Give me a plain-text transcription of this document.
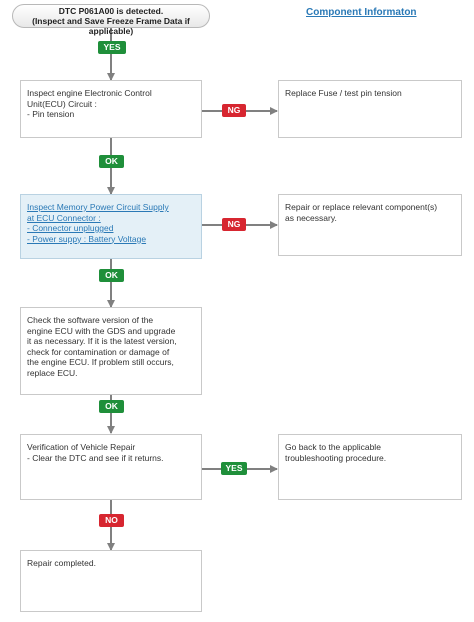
DTC P061A00 is detected.
(Inspect and Save Freeze Frame Data if applicable)
Component Informaton
YES
NG
OK
NG
OK
OK
YES
NO
Inspect engine Electronic Control
Unit(ECU) Circuit :
- Pin tension
Replace Fuse / test pin tension
Inspect Memory Power Circuit Supply
at ECU Connector :
- Connector unplugged
- Power suppy : Battery Voltage
Repair or replace relevant component(s)
as necessary.
Check the software version of the
engine ECU with the GDS and upgrade
it as necessary. If it is the latest version,
check for contamination or damage of
the engine ECU. If problem still occurs,
replace ECU.
Verification of Vehicle Repair
- Clear the DTC and see if it returns.
Go back to the applicable
troubleshooting procedure.
Repair completed.
